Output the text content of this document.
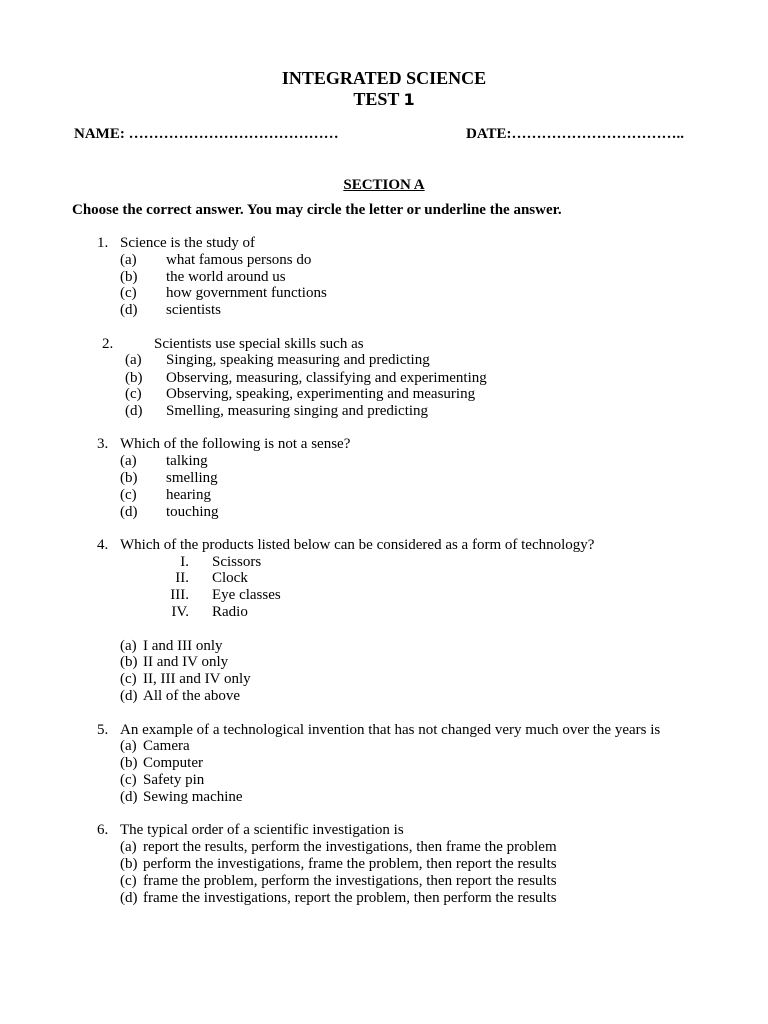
INTEGRATED SCIENCE
TEST 1
NAME: ……………………………………	DATE:……………………………..
SECTION A
Choose the correct answer. You may circle the letter or underline the answer.
1. Science is the study of
(a) what famous persons do
(b) the world around us
(c) how government functions
(d) scientists
2.	Scientists use special skills such as
(a) Singing, speaking measuring and predicting
(b) Observing, measuring, classifying and experimenting
(c) Observing, speaking, experimenting and measuring
(d) Smelling, measuring singing and predicting
3. Which of the following is not a sense?
(a) talking
(b) smelling
(c) hearing
(d) touching
4. Which of the products listed below can be considered as a form of technology?
I. Scissors
II. Clock
III. Eye classes
IV. Radio
(a) I and III only
(b) II and IV only
(c) II, III and IV only
(d) All of the above
5. An example of a technological invention that has not changed very much over the years is
(a) Camera
(b) Computer
(c) Safety pin
(d) Sewing machine
6. The typical order of a scientific investigation is
(a) report the results, perform the investigations, then frame the problem
(b) perform the investigations, frame the problem, then report the results
(c) frame the problem, perform the investigations, then report the results
(d) frame the investigations, report the problem, then perform the results
